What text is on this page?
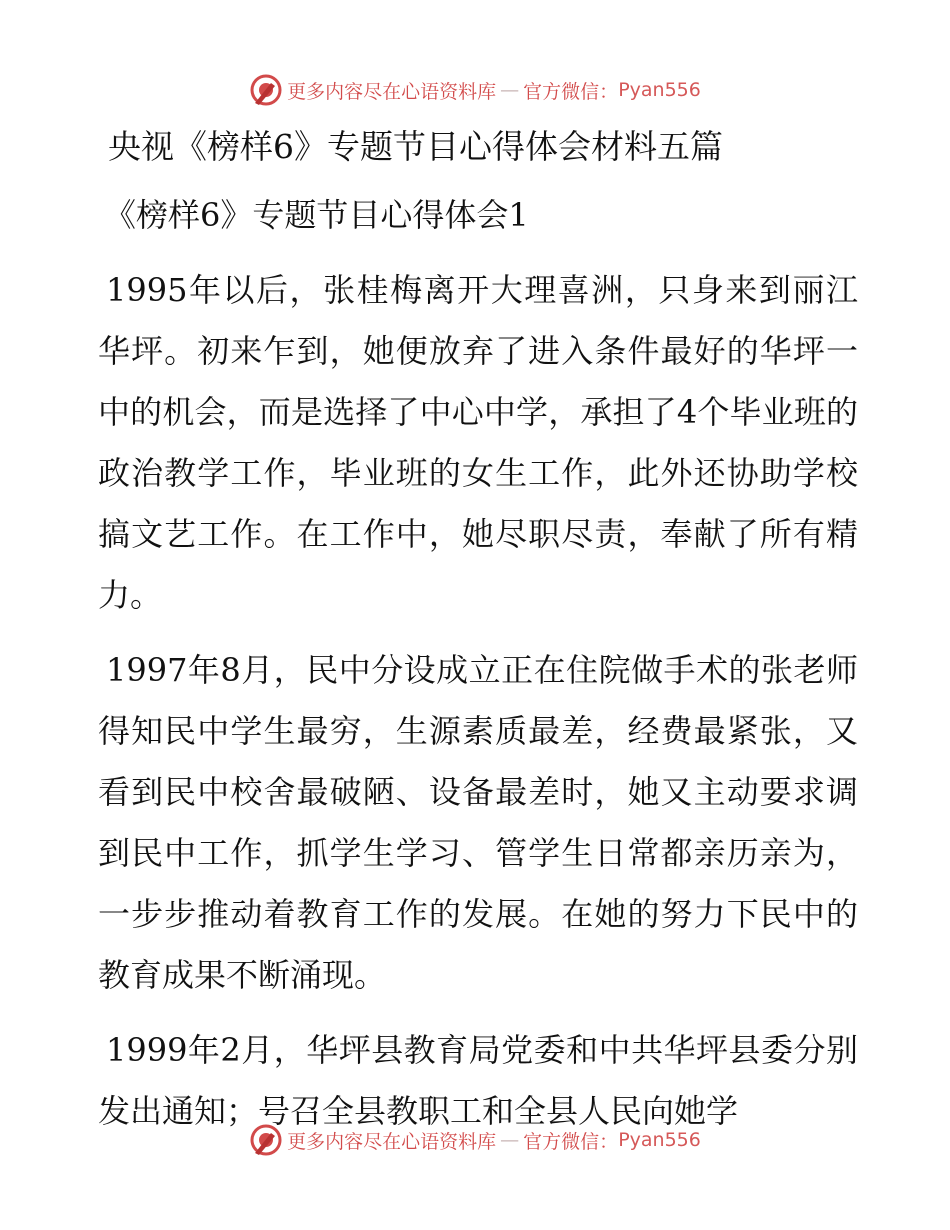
更多内容尽在心语资料库 — 官方微信： Pyan556
央视《榜样6》专题节目心得体会材料五篇
《榜样6》专题节目心得体会1

1995年以后，张桂梅离开大理喜洲，只身来到丽江华坪。初来乍到，她便放弃了进入条件最好的华坪一中的机会，而是选择了中心中学，承担了4个毕业班的政治教学工作，毕业班的女生工作，此外还协助学校搞文艺工作。在工作中，她尽职尽责，奉献了所有精力。

1997年8月，民中分设成立正在住院做手术的张老师得知民中学生最穷，生源素质最差，经费最紧张，又看到民中校舍最破陋、设备最差时，她又主动要求调到民中工作，抓学生学习、管学生日常都亲历亲为，一步步推动着教育工作的发展。在她的努力下民中的教育成果不断涌现。

1999年2月，华坪县教育局党委和中共华坪县委分别发出通知；号召全县教职工和全县人民向她学

更多内容尽在心语资料库 — 官方微信： Pyan556
